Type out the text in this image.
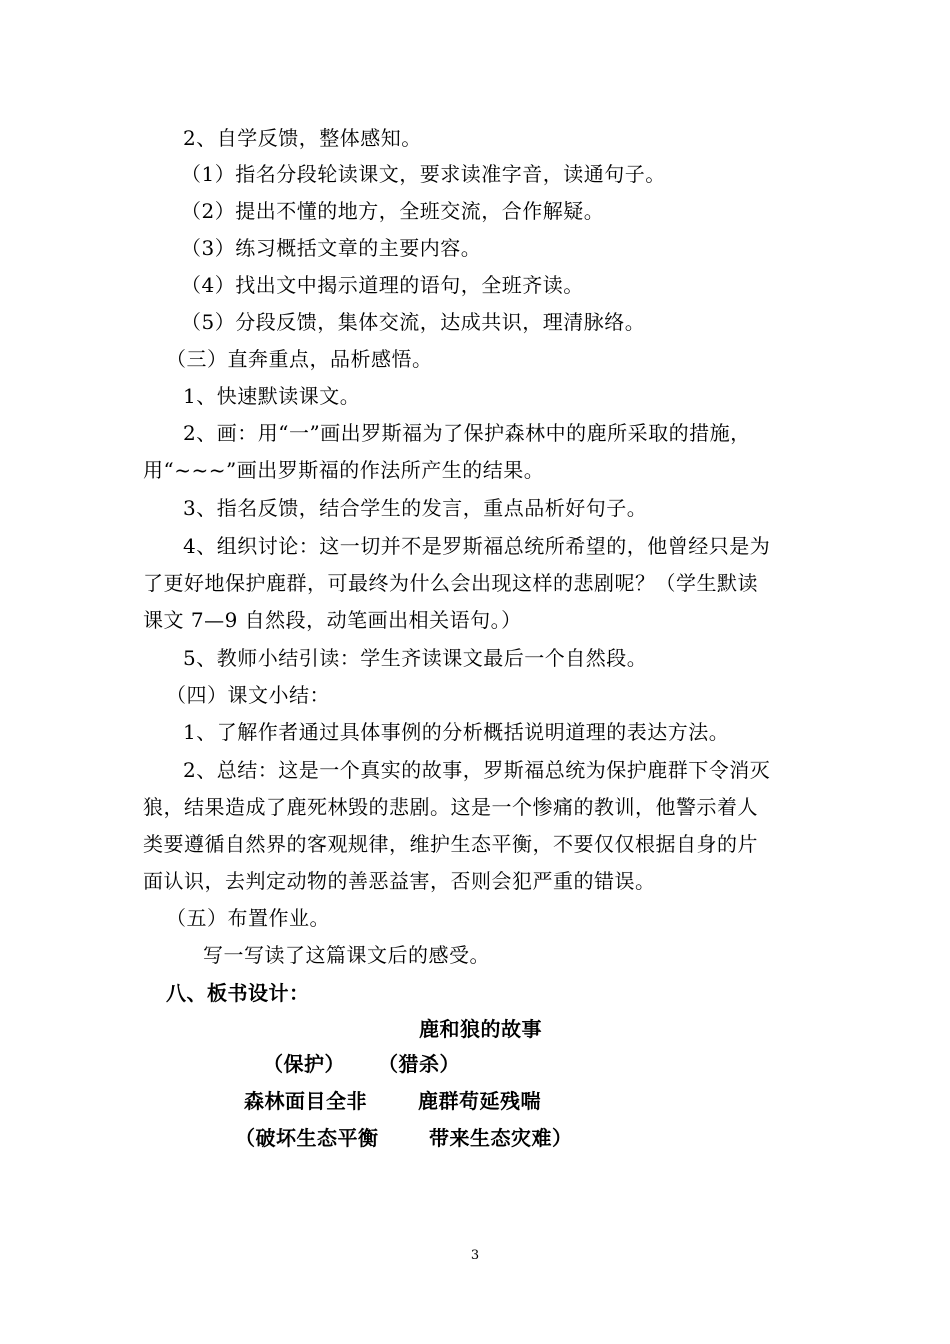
2、自学反馈，整体感知。
（1）指名分段轮读课文，要求读准字音，读通句子。
（2）提出不懂的地方，全班交流，合作解疑。
（3）练习概括文章的主要内容。
（4）找出文中揭示道理的语句，全班齐读。
（5）分段反馈，集体交流，达成共识，理清脉络。
（三）直奔重点，品析感悟。
1、快速默读课文。
2、画：用“一”画出罗斯福为了保护森林中的鹿所采取的措施，
用“~~~”画出罗斯福的作法所产生的结果。
3、指名反馈，结合学生的发言，重点品析好句子。
4、组织讨论：这一切并不是罗斯福总统所希望的，他曾经只是为
了更好地保护鹿群，可最终为什么会出现这样的悲剧呢？（学生默读
课文 7—9 自然段，动笔画出相关语句。）
5、教师小结引读：学生齐读课文最后一个自然段。
（四）课文小结：
1、了解作者通过具体事例的分析概括说明道理的表达方法。
2、总结：这是一个真实的故事，罗斯福总统为保护鹿群下令消灭
狼，结果造成了鹿死林毁的悲剧。这是一个惨痛的教训，他警示着人
类要遵循自然界的客观规律，维护生态平衡，不要仅仅根据自身的片
面认识，去判定动物的善恶益害，否则会犯严重的错误。
（五）布置作业。
写一写读了这篇课文后的感受。
八、板书设计：
鹿和狼的故事
（保护） （猎杀）
森林面目全非	鹿群苟延残喘
（破坏生态平衡	带来生态灾难）
3
